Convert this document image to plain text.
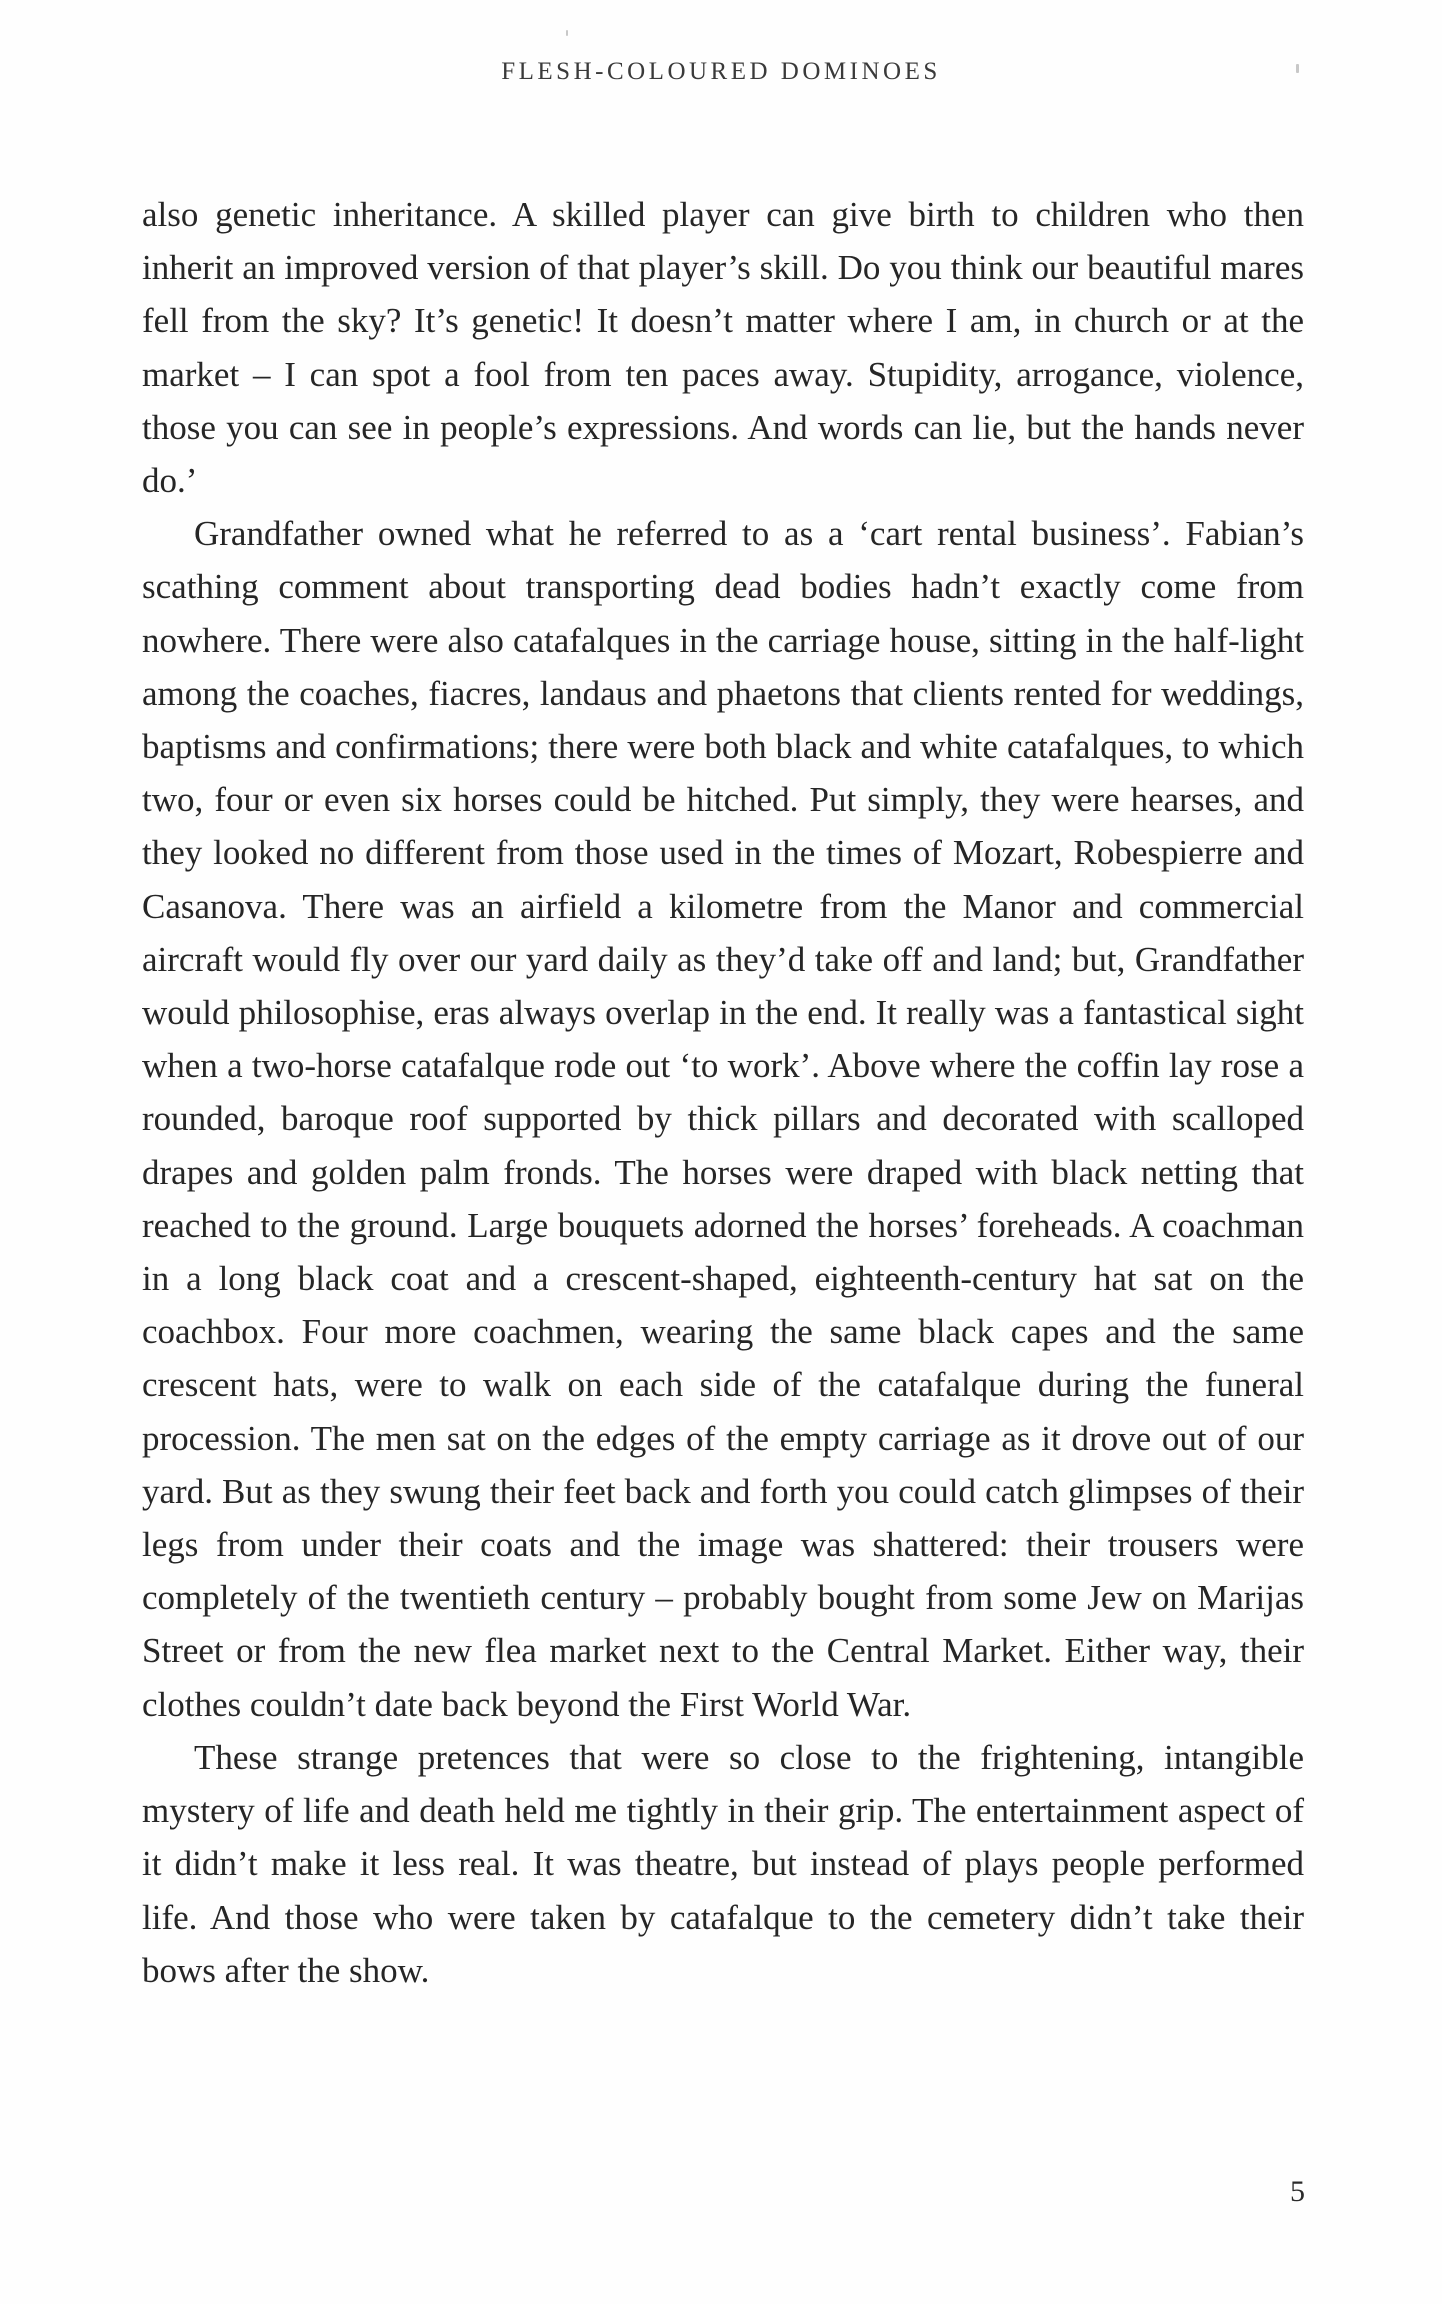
FLESH-COLOURED DOMINOES

also genetic inheritance. A skilled player can give birth to children who then inherit an improved version of that player’s skill. Do you think our beautiful mares fell from the sky? It’s genetic! It doesn’t matter where I am, in church or at the market – I can spot a fool from ten paces away. Stupidity, arrogance, violence, those you can see in people’s expressions. And words can lie, but the hands never do.’

Grandfather owned what he referred to as a ‘cart rental business’. Fabian’s scathing comment about transporting dead bodies hadn’t exactly come from nowhere. There were also catafalques in the carriage house, sitting in the half-light among the coaches, fiacres, landaus and phaetons that clients rented for weddings, baptisms and confirmations; there were both black and white catafalques, to which two, four or even six horses could be hitched. Put simply, they were hearses, and they looked no different from those used in the times of Mozart, Robespierre and Casanova. There was an airfield a kilometre from the Manor and commercial aircraft would fly over our yard daily as they’d take off and land; but, Grandfather would philosophise, eras always overlap in the end. It really was a fantastical sight when a two-horse catafalque rode out ‘to work’. Above where the coffin lay rose a rounded, baroque roof supported by thick pillars and decorated with scalloped drapes and golden palm fronds. The horses were draped with black netting that reached to the ground. Large bouquets adorned the horses’ foreheads. A coachman in a long black coat and a crescent-shaped, eighteenth-century hat sat on the coachbox. Four more coachmen, wearing the same black capes and the same crescent hats, were to walk on each side of the catafalque during the funeral procession. The men sat on the edges of the empty carriage as it drove out of our yard. But as they swung their feet back and forth you could catch glimpses of their legs from under their coats and the image was shattered: their trousers were completely of the twentieth century – probably bought from some Jew on Marijas Street or from the new flea market next to the Central Market. Either way, their clothes couldn’t date back beyond the First World War.

These strange pretences that were so close to the frightening, intangible mystery of life and death held me tightly in their grip. The entertainment aspect of it didn’t make it less real. It was theatre, but instead of plays people performed life. And those who were taken by catafalque to the cemetery didn’t take their bows after the show.

5
